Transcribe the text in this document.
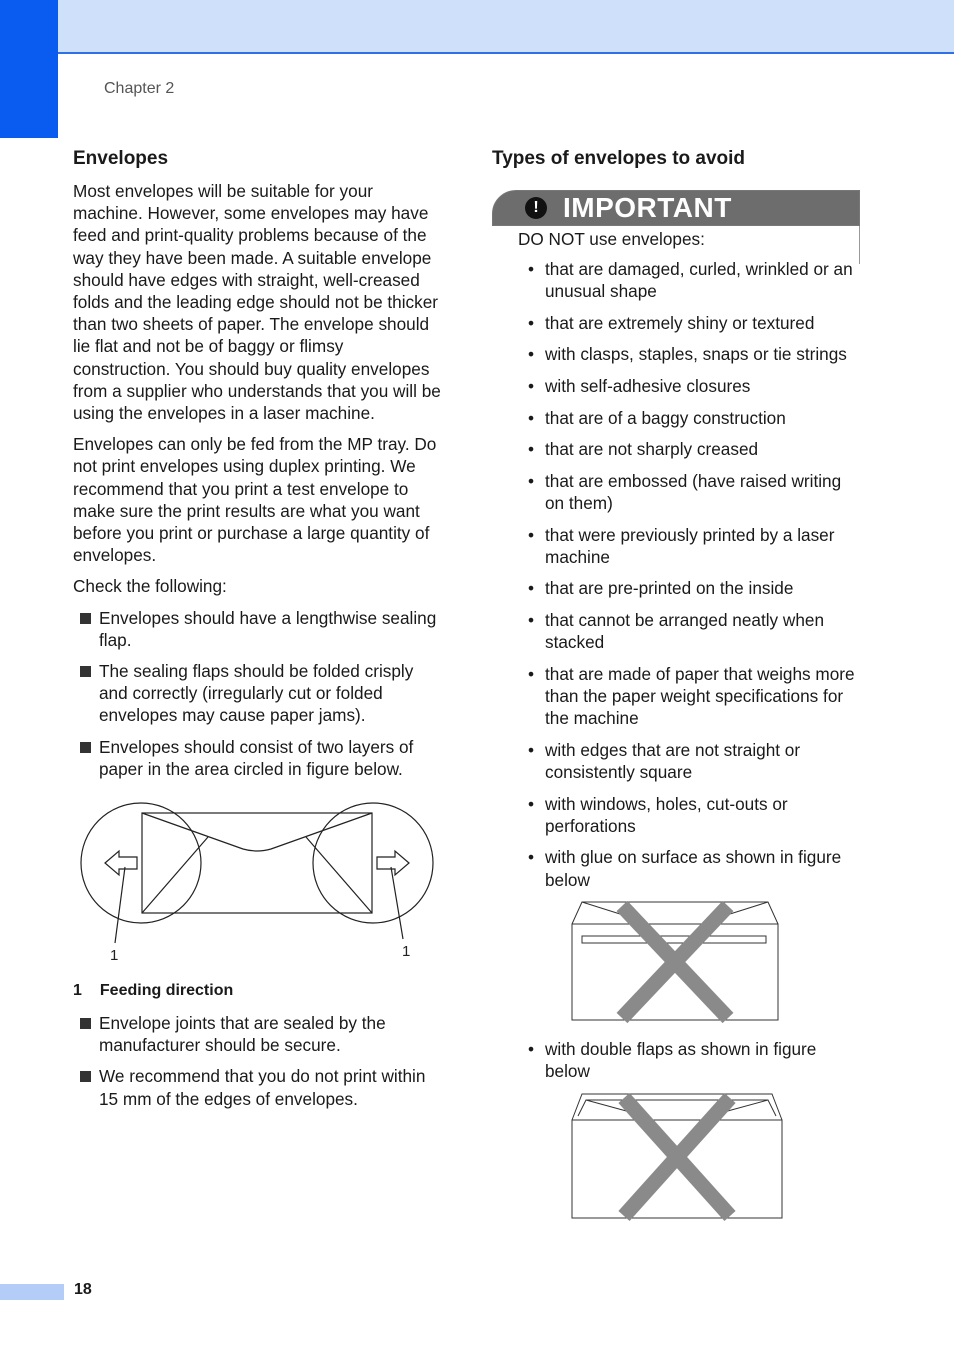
Chapter 2
Envelopes

Most envelopes will be suitable for your machine. However, some envelopes may have feed and print-quality problems because of the way they have been made. A suitable envelope should have edges with straight, well-creased folds and the leading edge should not be thicker than two sheets of paper. The envelope should lie flat and not be of baggy or flimsy construction. You should buy quality envelopes from a supplier who understands that you will be using the envelopes in a laser machine.

Envelopes can only be fed from the MP tray. Do not print envelopes using duplex printing. We recommend that you print a test envelope to make sure the print results are what you want before you print or purchase a large quantity of envelopes.

Check the following:

Envelopes should have a lengthwise sealing flap.
The sealing flaps should be folded crisply and correctly (irregularly cut or folded envelopes may cause paper jams).
Envelopes should consist of two layers of paper in the area circled in figure below.
1	1
1 Feeding direction
Envelope joints that are sealed by the manufacturer should be secure.
We recommend that you do not print within 15 mm of the edges of envelopes.
Types of envelopes to avoid
! IMPORTANT
DO NOT use envelopes:
• that are damaged, curled, wrinkled or an unusual shape
• that are extremely shiny or textured
• with clasps, staples, snaps or tie strings
• with self-adhesive closures
• that are of a baggy construction
• that are not sharply creased
• that are embossed (have raised writing on them)
• that were previously printed by a laser machine
• that are pre-printed on the inside
• that cannot be arranged neatly when stacked
• that are made of paper that weighs more than the paper weight specifications for the machine
• with edges that are not straight or consistently square
• with windows, holes, cut-outs or perforations
• with glue on surface as shown in figure below
• with double flaps as shown in figure below
18
